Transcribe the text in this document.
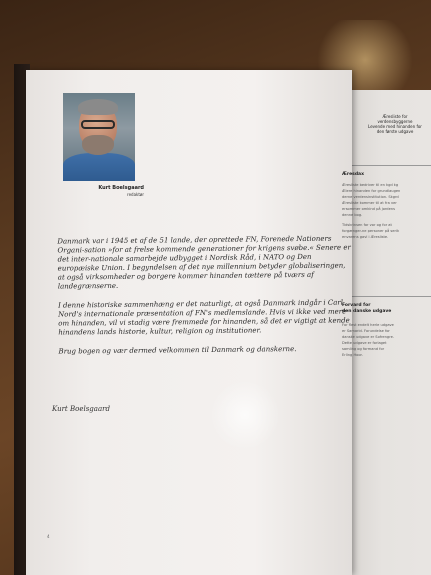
Kurt Boelsgaard
redaktør

Danmark var i 1945 et af de 51 lande, der oprettede FN, Forenede Nationers Organi-sation »for at frelse kommende generationer for krigens svøbe.« Senere er det inter-nationale samarbejde udbygget i Nordisk Råd, i NATO og Den europæiske Union. I begyndelsen af det nye millennium betyder globaliseringen, at også virksomheder og borgere kommer hinanden tættere på tværs af landegrænserne.

I denne historiske sammenhæng er det naturligt, at også Danmark indgår i Carl Nord's internationale præsentation af FN's medlemslande. Hvis vi ikke ved mere om hinanden, vil vi stadig være fremmede for hinanden, så det er vigtigt at kende hinandens lands historie, kultur, religion og institutioner.

Brug bogen og vær dermed velkommen til Danmark og danskerne.

Kurt Boelsgaard
4
Æresliste for
verdensbyggerne
Levende med hinanden for
den første udgave
Æresdax
Æresliste bedriver til en kgd kg
Ælere hinanden for grundlaugen
derne verdensinstitution. Skgrd
Æresliste kommer til at fra ver
ersommer omkind på jordens
denne bog.
Tidskrinsen for vor og for at
forgænger-ne personer på serik
envarens gavl i Æresliste.
Forvard for
den danske udgave
For flest endelt herle udgave
er Samarid. Forundelse for
danske udgave er Sofrengre.
Dette udgave er forlaget
samling og formand for
Erling Hoor.
